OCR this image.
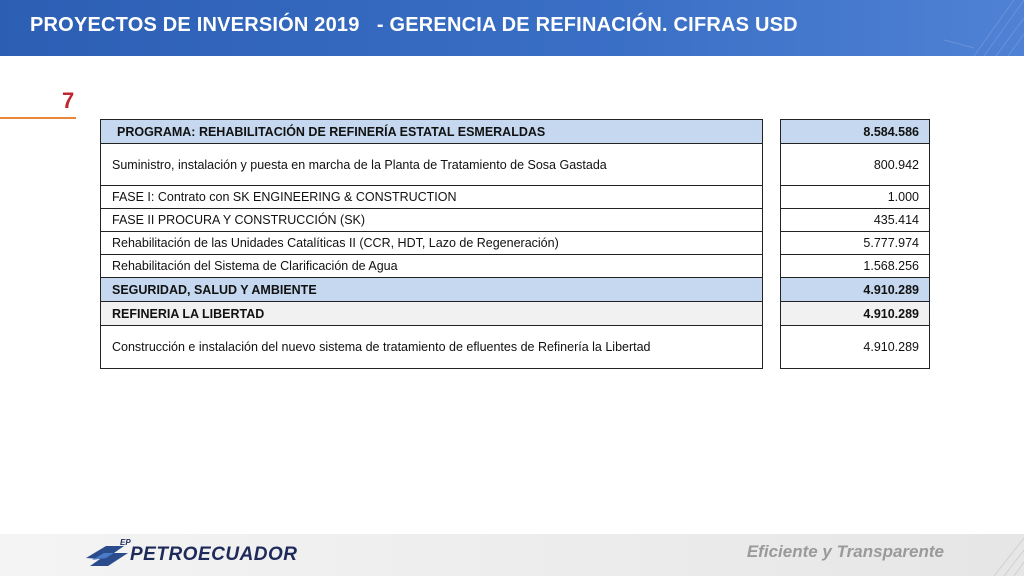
PROYECTOS DE INVERSIÓN 2019   - GERENCIA DE REFINACIÓN. CIFRAS USD
7
PROGRAMA: REHABILITACIÓN DE REFINERÍA ESTATAL ESMERALDAS	8.584.586
Suministro, instalación y puesta en marcha de la Planta de Tratamiento de Sosa Gastada	800.942
FASE I: Contrato con SK ENGINEERING & CONSTRUCTION	1.000
FASE II PROCURA Y CONSTRUCCIÓN (SK)	435.414
Rehabilitación de las Unidades Catalíticas II (CCR, HDT, Lazo de Regeneración)	5.777.974
Rehabilitación del Sistema de Clarificación de Agua	1.568.256
SEGURIDAD, SALUD Y AMBIENTE	4.910.289
REFINERIA LA LIBERTAD	4.910.289
Construcción e instalación del nuevo sistema de tratamiento de efluentes de Refinería la Libertad	4.910.289
EP
PETROECUADOR	Eficiente y Transparente
